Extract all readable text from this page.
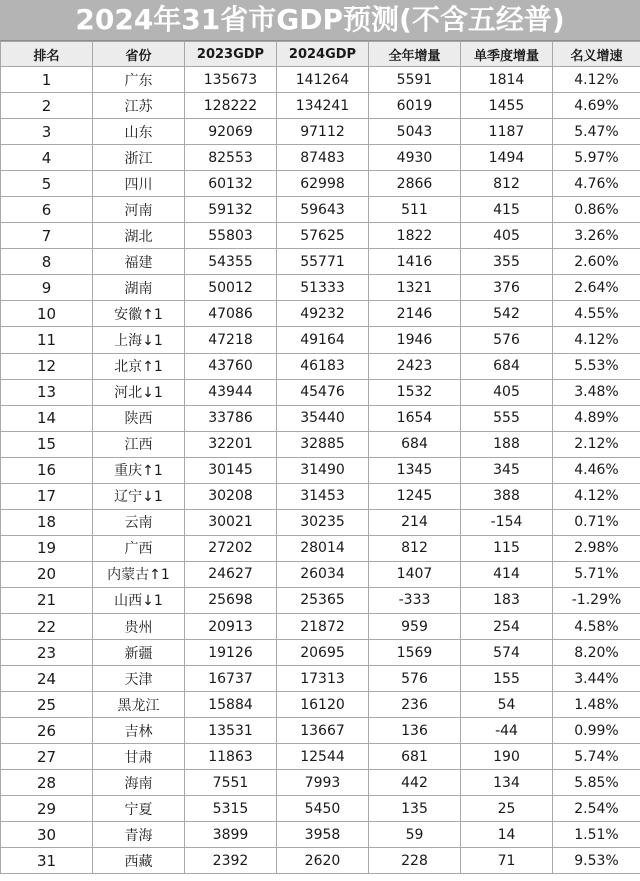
2024年31省市GDP预测(不含五经普)
排名	省份	2023GDP	2024GDP	全年增量	单季度增量	名义增速
1	广东	135673	141264	5591	1814	4.12%
2	江苏	128222	134241	6019	1455	4.69%
3	山东	92069	97112	5043	1187	5.47%
4	浙江	82553	87483	4930	1494	5.97%
5	四川	60132	62998	2866	812	4.76%
6	河南	59132	59643	511	415	0.86%
7	湖北	55803	57625	1822	405	3.26%
8	福建	54355	55771	1416	355	2.60%
9	湖南	50012	51333	1321	376	2.64%
10	安徽↑1	47086	49232	2146	542	4.55%
11	上海↓1	47218	49164	1946	576	4.12%
12	北京↑1	43760	46183	2423	684	5.53%
13	河北↓1	43944	45476	1532	405	3.48%
14	陕西	33786	35440	1654	555	4.89%
15	江西	32201	32885	684	188	2.12%
16	重庆↑1	30145	31490	1345	345	4.46%
17	辽宁↓1	30208	31453	1245	388	4.12%
18	云南	30021	30235	214	-154	0.71%
19	广西	27202	28014	812	115	2.98%
20	内蒙古↑1	24627	26034	1407	414	5.71%
21	山西↓1	25698	25365	-333	183	-1.29%
22	贵州	20913	21872	959	254	4.58%
23	新疆	19126	20695	1569	574	8.20%
24	天津	16737	17313	576	155	3.44%
25	黑龙江	15884	16120	236	54	1.48%
26	吉林	13531	13667	136	-44	0.99%
27	甘肃	11863	12544	681	190	5.74%
28	海南	7551	7993	442	134	5.85%
29	宁夏	5315	5450	135	25	2.54%
30	青海	3899	3958	59	14	1.51%
31	西藏	2392	2620	228	71	9.53%
